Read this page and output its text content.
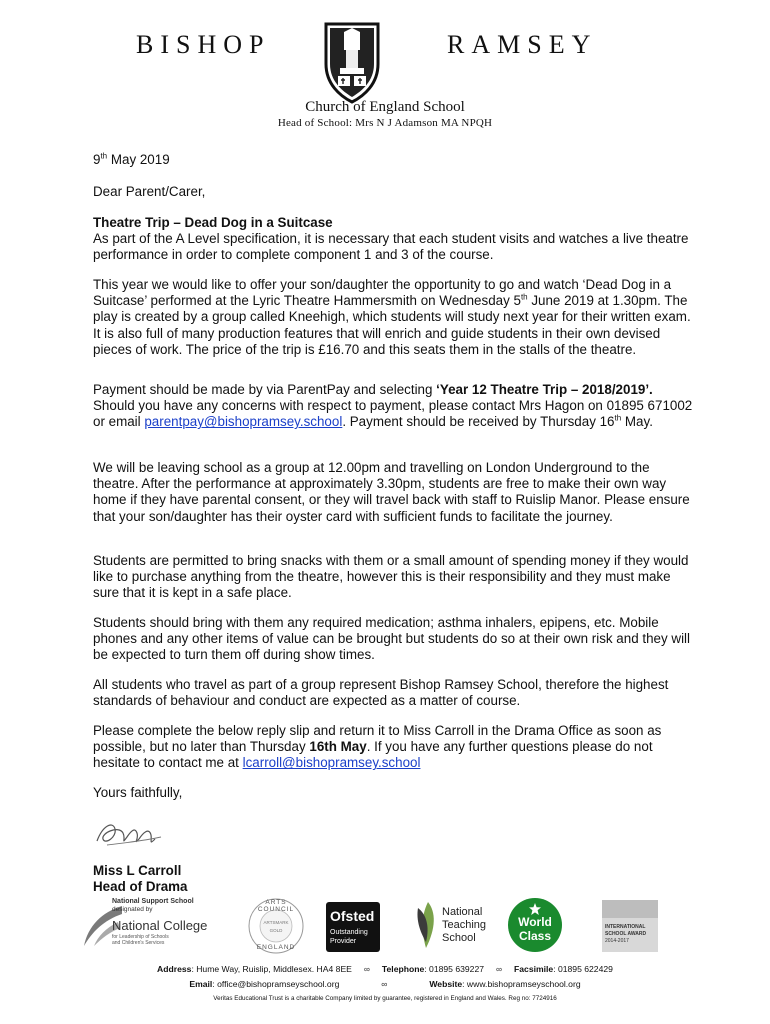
BISHOP	RAMSEY
Church of England School
Head of School: Mrs N J Adamson MA NPQH
9th May 2019
Dear Parent/Carer,
Theatre Trip – Dead Dog in a Suitcase
As part of the A Level specification, it is necessary that each student visits and watches a live theatre performance in order to complete component 1 and 3 of the course.
This year we would like to offer your son/daughter the opportunity to go and watch ‘Dead Dog in a Suitcase’ performed at the Lyric Theatre Hammersmith on Wednesday 5th June 2019 at 1.30pm. The play is created by a group called Kneehigh, which students will study next year for their written exam. It is also full of many production features that will enrich and guide students in their own devised pieces of work. The price of the trip is £16.70 and this seats them in the stalls of the theatre.
Payment should be made by via ParentPay and selecting ‘Year 12 Theatre Trip – 2018/2019’. Should you have any concerns with respect to payment, please contact Mrs Hagon on 01895 671002 or email parentpay@bishopramsey.school. Payment should be received by Thursday 16th May.
We will be leaving school as a group at 12.00pm and travelling on London Underground to the theatre. After the performance at approximately 3.30pm, students are free to make their own way home if they have parental consent, or they will travel back with staff to Ruislip Manor. Please ensure that your son/daughter has their oyster card with sufficient funds to facilitate the journey.
Students are permitted to bring snacks with them or a small amount of spending money if they would like to purchase anything from the theatre, however this is their responsibility and they must make sure that it is kept in a safe place.
Students should bring with them any required medication; asthma inhalers, epipens, etc. Mobile phones and any other items of value can be brought but students do so at their own risk and they will be expected to turn them off during show times.
All students who travel as part of a group represent Bishop Ramsey School, therefore the highest standards of behaviour and conduct are expected as a matter of course.
Please complete the below reply slip and return it to Miss Carroll in the Drama Office as soon as possible, but no later than Thursday 16th May. If you have any further questions please do not hesitate to contact me at lcarroll@bishopramsey.school
Yours faithfully,
Miss L Carroll
Head of Drama
National Support School
designated by
National College
for Leadership of Schools
and Children's Services
ARTS COUNCIL
ARTSMARK
GOLD
ENGLAND
Ofsted
Outstanding
Provider
National
Teaching
School
World
Class
INTERNATIONAL
SCHOOL AWARD
2014-2017
Address: Hume Way, Ruislip, Middlesex. HA4 8EE ∞ Telephone: 01895 639227 ∞ Facsimile: 01895 622429
Email: office@bishopramseyschool.org	∞	Website: www.bishopramseyschool.org
Veritas Educational Trust is a charitable Company limited by guarantee, registered in England and Wales. Reg no: 7724916
